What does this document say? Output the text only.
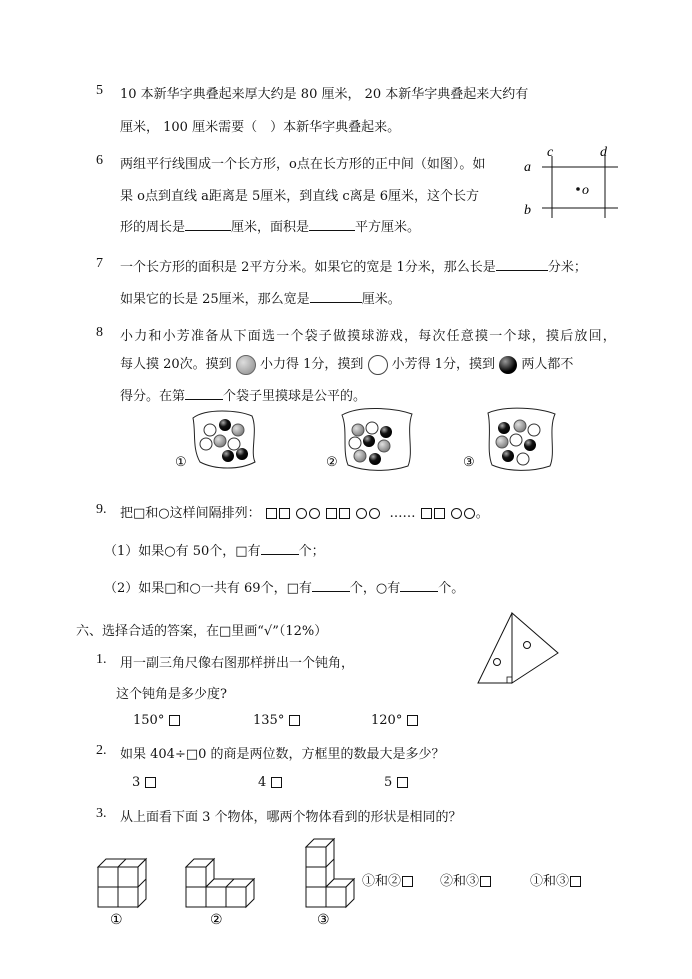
5 10 本新华字典叠起来厚大约是 80 厘米， 20 本新华字典叠起来大约有
厘米， 100 厘米需要（　）本新华字典叠起来。
6 两组平行线围成一个长方形，o点在长方形的正中间（如图）。如
果 o点到直线 a距离是 5厘米，到直线 c离是 6厘米，这个长方
形的周长是	厘米，面积是	平方厘米。
a
b
c	d
o
7 一个长方形的面积是 2平方分米。如果它的宽是 1分米，那么长是	分米；
如果它的长是 25厘米，那么宽是	厘米。
8 小力和小芳准备从下面选一个袋子做摸球游戏，每次任意摸一个球，摸后放回，
每人摸 20次。摸到 小力得 1分，摸到 小芳得 1分，摸到 两人都不
得分。在第	个袋子里摸球是公平的。
①	②	③
9. 把□和○这样间隔排列：	……	。
（1）如果○有 50个，□有	个；
（2）如果□和○一共有 69个，□有	个，○有	个。
六、选择合适的答案，在□里画“√”（12%）
1. 用一副三角尺像右图那样拼出一个钝角，
这个钝角是多少度?
150°	135°	120°
2. 如果 404÷□0 的商是两位数，方框里的数最大是多少？
3	4	5
3. 从上面看下面 3 个物体，哪两个物体看到的形状是相同的？
①	②	③
①和②	②和③	①和③
